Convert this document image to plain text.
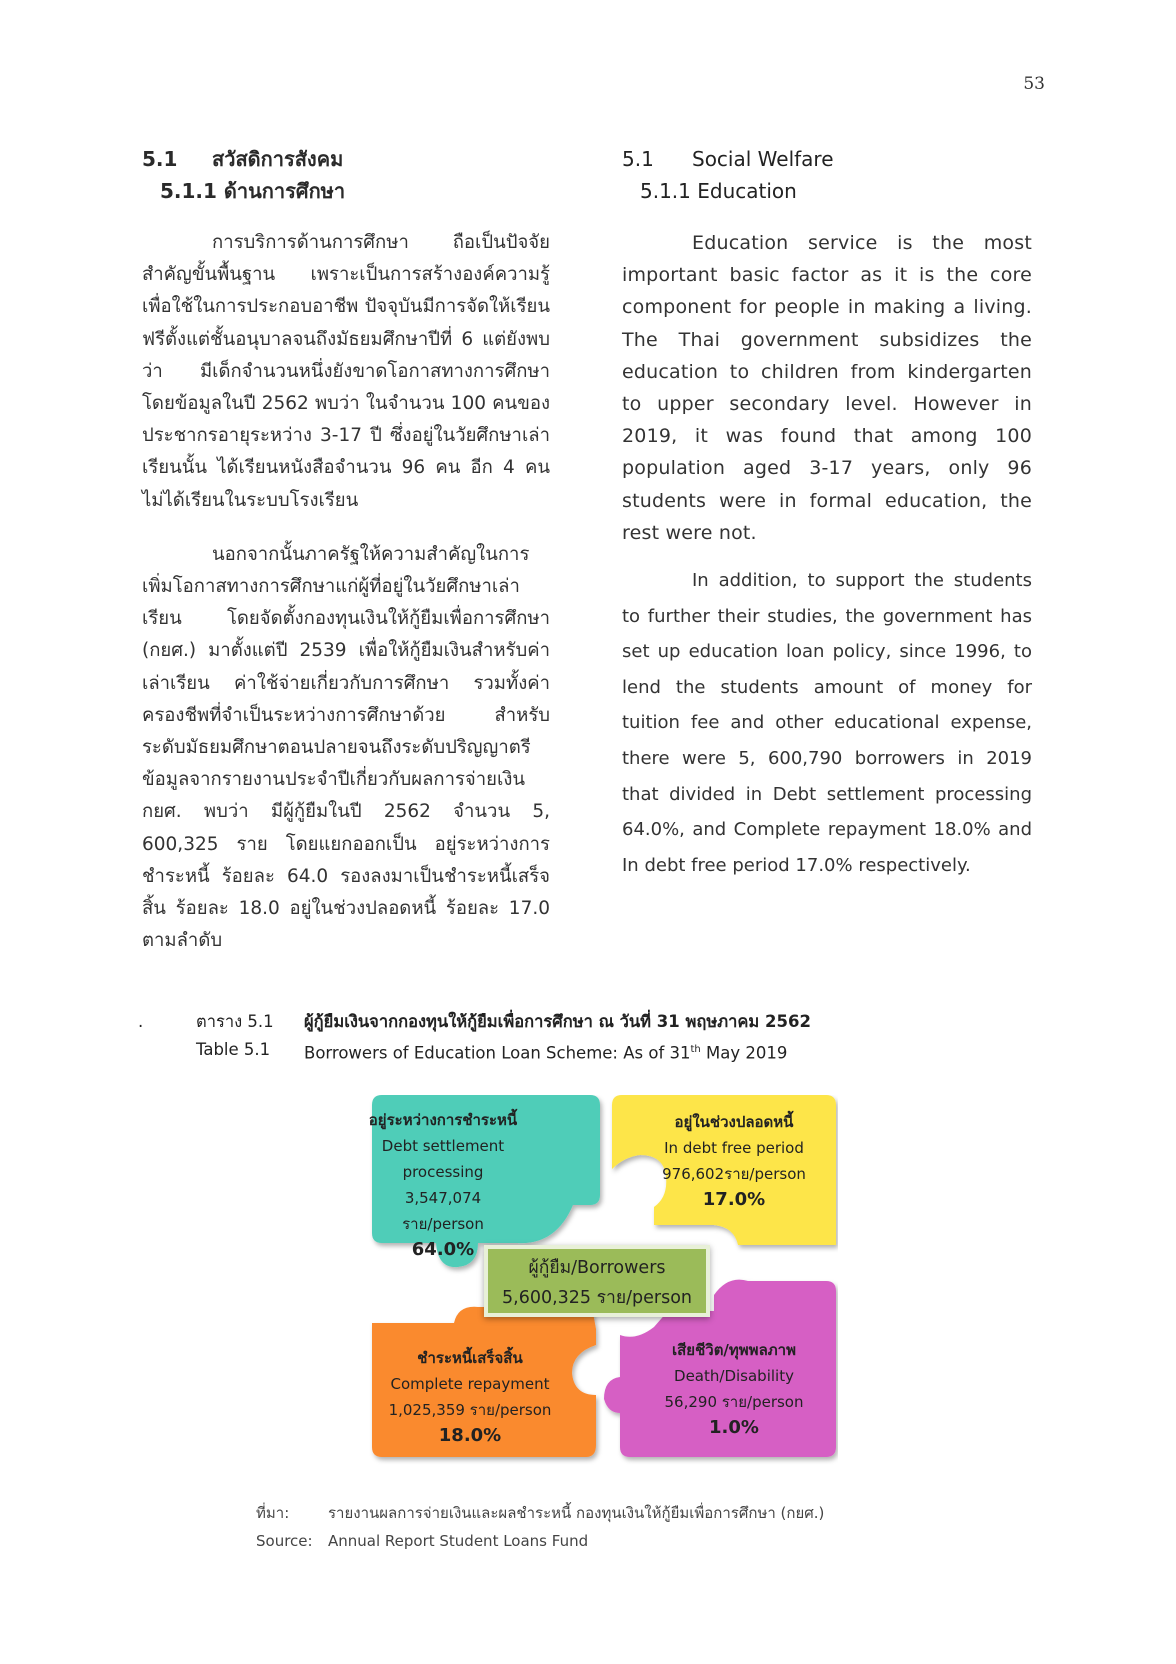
53
5.1 สวัสดิการสังคม
5.1.1 ด้านการศึกษา

การบริการด้านการศึกษา ถือเป็นปัจจัยสำคัญขั้นพื้นฐาน เพราะเป็นการสร้างองค์ความรู้เพื่อใช้ในการประกอบอาชีพ ปัจจุบันมีการจัดให้เรียนฟรีตั้งแต่ชั้นอนุบาลจนถึงมัธยมศึกษาปีที่ 6 แต่ยังพบว่า มีเด็กจำนวนหนึ่งยังขาดโอกาสทางการศึกษา โดยข้อมูลในปี 2562 พบว่า ในจำนวน 100 คนของประชากรอายุระหว่าง 3-17 ปี ซึ่งอยู่ในวัยศึกษาเล่าเรียนนั้น ได้เรียนหนังสือจำนวน 96 คน อีก 4 คน ไม่ได้เรียนในระบบโรงเรียน

นอกจากนั้นภาครัฐให้ความสำคัญในการเพิ่มโอกาสทางการศึกษาแก่ผู้ที่อยู่ในวัยศึกษาเล่าเรียน โดยจัดตั้งกองทุนเงินให้กู้ยืมเพื่อการศึกษา (กยศ.) มาตั้งแต่ปี 2539 เพื่อให้กู้ยืมเงินสำหรับค่าเล่าเรียน ค่าใช้จ่ายเกี่ยวกับการศึกษา รวมทั้งค่าครองชีพที่จำเป็นระหว่างการศึกษาด้วย สำหรับระดับมัธยมศึกษาตอนปลายจนถึงระดับปริญญาตรี ข้อมูลจากรายงานประจำปีเกี่ยวกับผลการจ่ายเงิน กยศ. พบว่า มีผู้กู้ยืมในปี 2562 จำนวน 5, 600,325 ราย โดยแยกออกเป็น อยู่ระหว่างการชำระหนี้ ร้อยละ 64.0 รองลงมาเป็นชำระหนี้เสร็จสิ้น ร้อยละ 18.0 อยู่ในช่วงปลอดหนี้ ร้อยละ 17.0 ตามลำดับ

5.1 Social Welfare
5.1.1 Education

Education service is the most important basic factor as it is the core component for people in making a living. The Thai government subsidizes the education to children from kindergarten to upper secondary level. However in 2019, it was found that among 100 population aged 3-17 years, only 96 students were in formal education, the rest were not.

In addition, to support the students to further their studies, the government has set up education loan policy, since 1996, to lend the students amount of money for tuition fee and other educational expense, there were 5, 600,790 borrowers in 2019 that divided in Debt settlement processing 64.0%, and Complete repayment 18.0% and In debt free period 17.0% respectively.

.	ตาราง 5.1	ผู้กู้ยืมเงินจากกองทุนให้กู้ยืมเพื่อการศึกษา ณ วันที่ 31 พฤษภาคม 2562
Table 5.1	Borrowers of Education Loan Scheme: As of 31th May 2019
อยู่ระหว่างการชำระหนี้
Debt settlement
processing
3,547,074 ราย/person
64.0%
อยู่ในช่วงปลอดหนี้
In debt free period
976,602ราย/person
17.0%
ชำระหนี้เสร็จสิ้น
Complete repayment
1,025,359 ราย/person
18.0%
เสียชีวิต/ทุพพลภาพ
Death/Disability
56,290 ราย/person
1.0%
ผู้กู้ยืม/Borrowers
5,600,325 ราย/person
ที่มา:	รายงานผลการจ่ายเงินและผลชำระหนี้ กองทุนเงินให้กู้ยืมเพื่อการศึกษา (กยศ.)
Source:	Annual Report Student Loans Fund
